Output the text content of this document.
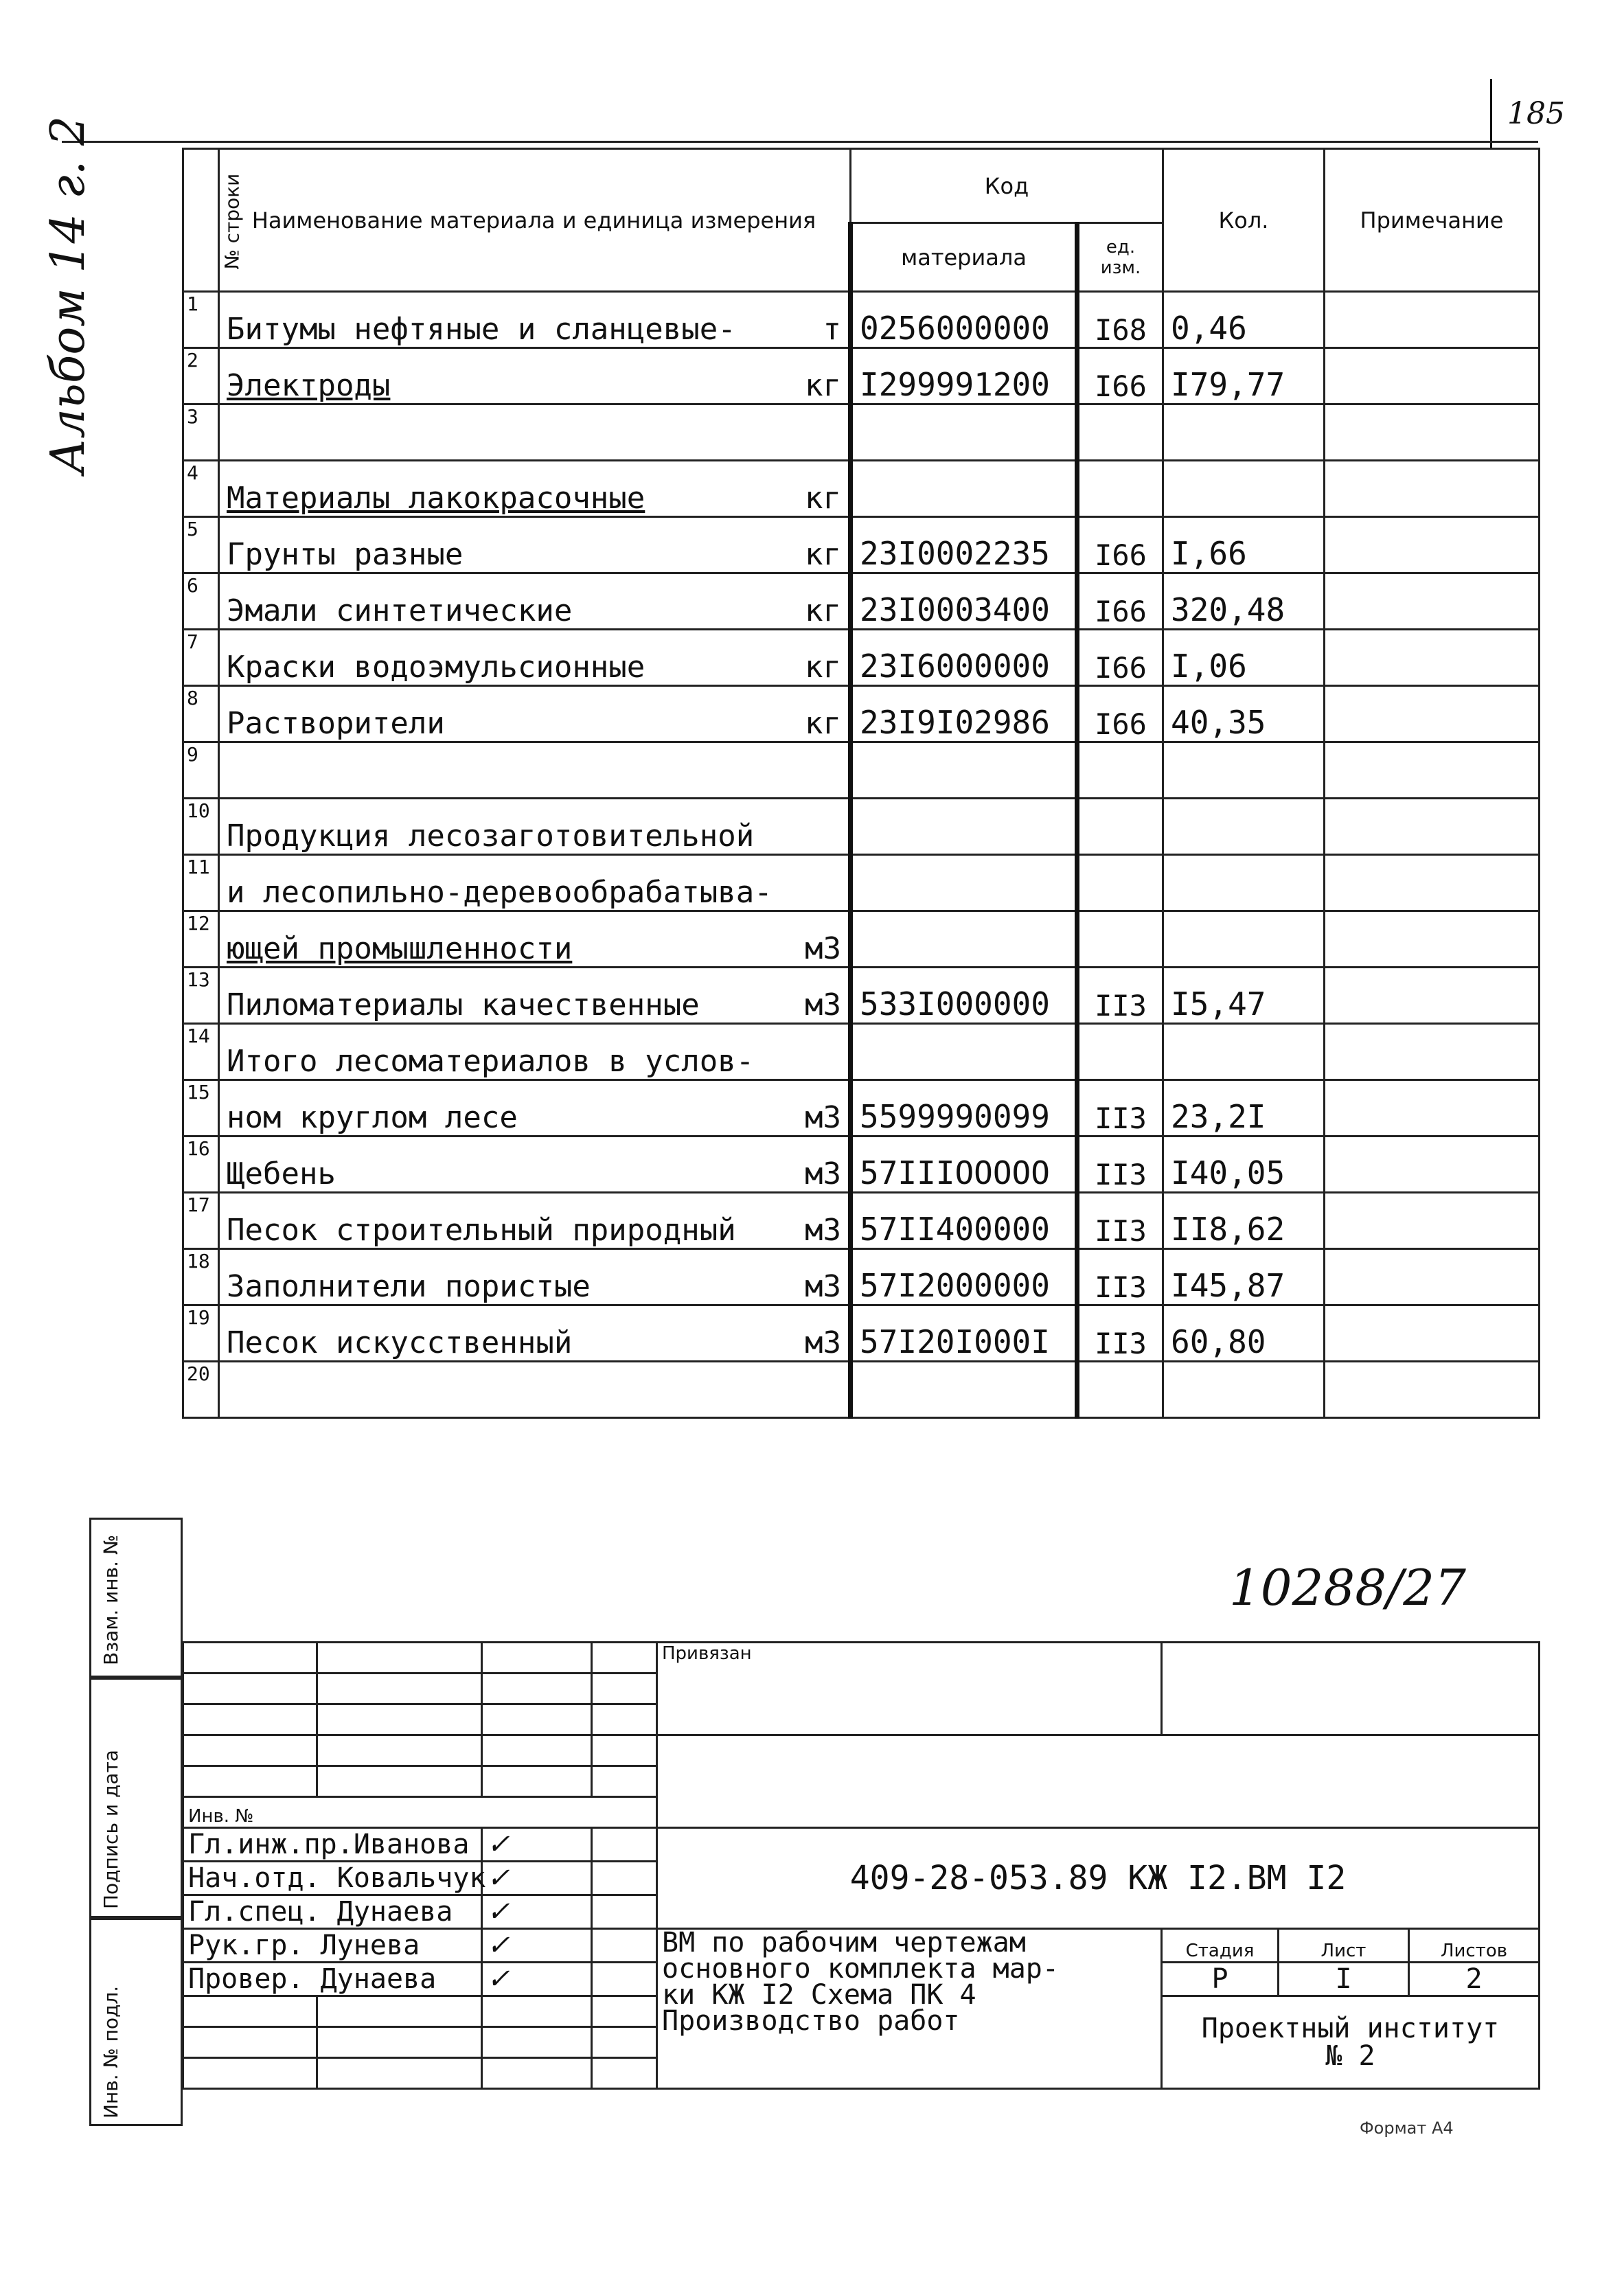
185
Альбом 14 г. 2	№ строки	Наименование материала и единица измерения	Код		Кол.	Примечание
		материала	ед. изм.		
1	Битумы нефтяные и сланцевые- т	0256000000	I68	0,46	
2	Электроды кг	I299991200	I66	I79,77	
3	

4	Материалы лакокрасочные кг				

5	Грунты разные кг	23I0002235	I66	I,66	
6	Эмали синтетические кг	23I0003400	I66	320,48	
7	Краски водоэмульсионные кг	23I6000000	I66	I,06	
8	Растворители кг	23I9I02986	I66	40,35	
9	

10	Продукция лесозаготовительной				

11	и лесопильно-деревообрабатыва-				

12	ющей промышленности м3				

13	Пиломатериалы качественные м3	533I000000	II3	I5,47	
14	Итого лесоматериалов в услов-				

15	ном круглом лесе м3	5599990099	II3	23,2I	
16	Щебень м3	57IIIOOOOO	II3	I40,05	
17	Песок строительный природный м3	57II400000	II3	II8,62	
18	Заполнители пористые м3	57I2000000	II3	I45,87	
19	Песок искусственный м3	57I20I000I	II3	60,80	
20	

Инв. № подл.
Подпись и дата
Взам. инв. №	10288/27
				Привязан			

Инв. №							
Гл.инж.пр.Иванова		✓		409-28-053.89 КЖ I2.ВМ I2			
Нач.отд. Ковальчук		✓					
Гл.спец. Дунаева		✓					
Рук.гр. Лунева		✓		ВМ по рабочим чертежам
основного комплекта мар-
ки КЖ I2 Схема ПК 4
Производство работ	Стадия	Лист	Листов
Провер. Дунаева		✓			Р	I	2

					Проектный институт
№ 2		

Формат А4
